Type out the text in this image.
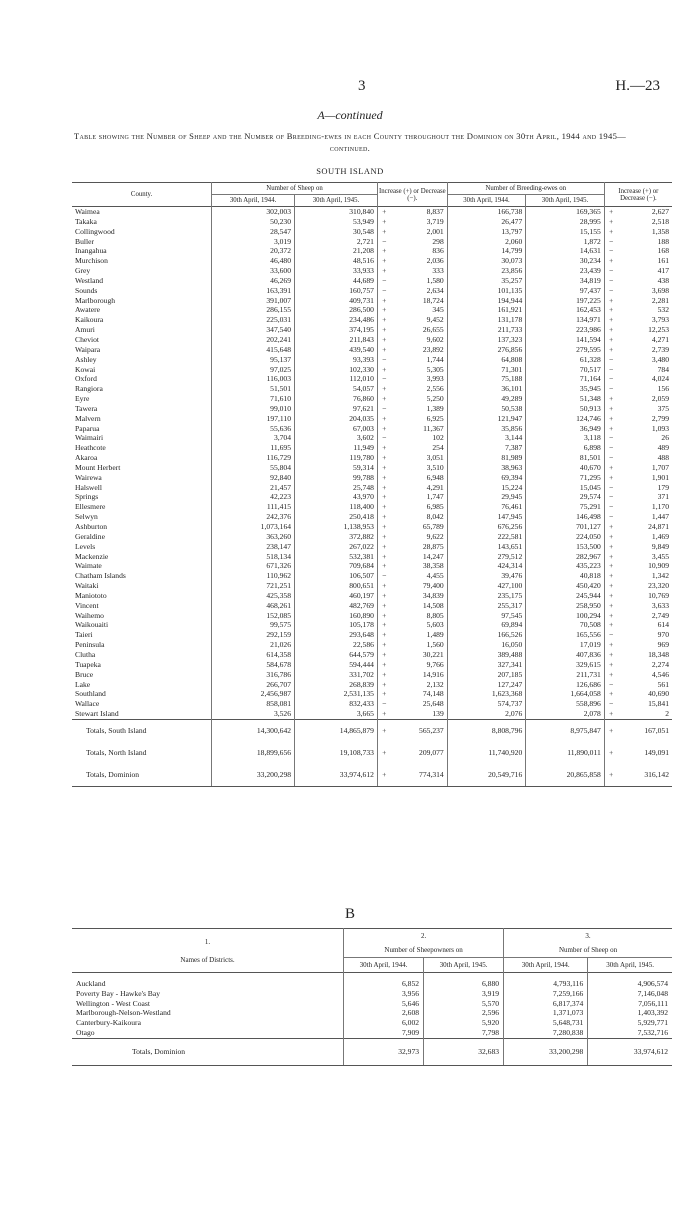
3	H.—23
A—continued
Table showing the Number of Sheep and the Number of Breeding-ewes in each County throughout the Dominion on 30th April, 1944 and 1945—continued.
SOUTH ISLAND
County.	Number of Sheep on		Increase (+) or Decrease (−).		Number of Breeding-ewes on		Increase (+) or Decrease (−).	
	30th April, 1944.	30th April, 1945.			30th April, 1944.	30th April, 1945.		
Waimea	302,003	310,840	+	8,837	166,738	169,365	+	2,627
Takaka	50,230	53,949	+	3,719	26,477	28,995	+	2,518
Collingwood	28,547	30,548	+	2,001	13,797	15,155	+	1,358
Buller	3,019	2,721	−	298	2,060	1,872	−	188
Inangahua	20,372	21,208	+	836	14,799	14,631	−	168
Murchison	46,480	48,516	+	2,036	30,073	30,234	+	161
Grey	33,600	33,933	+	333	23,856	23,439	−	417
Westland	46,269	44,689	−	1,580	35,257	34,819	−	438
Sounds	163,391	160,757	−	2,634	101,135	97,437	−	3,698
Marlborough	391,007	409,731	+	18,724	194,944	197,225	+	2,281
Awatere	286,155	286,500	+	345	161,921	162,453	+	532
Kaikoura	225,031	234,486	+	9,452	131,178	134,971	+	3,793
Amuri	347,540	374,195	+	26,655	211,733	223,986	+	12,253
Cheviot	202,241	211,843	+	9,602	137,323	141,594	+	4,271
Waipara	415,648	439,540	+	23,892	276,856	279,595	+	2,739
Ashley	95,137	93,393	−	1,744	64,808	61,328	−	3,480
Kowai	97,025	102,330	+	5,305	71,301	70,517	−	784
Oxford	116,003	112,010	−	3,993	75,188	71,164	−	4,024
Rangiora	51,501	54,057	+	2,556	36,101	35,945	−	156
Eyre	71,610	76,860	+	5,250	49,289	51,348	+	2,059
Tawera	99,010	97,621	−	1,389	50,538	50,913	+	375
Malvern	197,110	204,035	+	6,925	121,947	124,746	+	2,799
Paparua	55,636	67,003	+	11,367	35,856	36,949	+	1,093
Waimairi	3,704	3,602	−	102	3,144	3,118	−	26
Heathcote	11,695	11,949	+	254	7,387	6,898	−	489
Akaroa	116,729	119,780	+	3,051	81,989	81,501	−	488
Mount Herbert	55,804	59,314	+	3,510	38,963	40,670	+	1,707
Wairewa	92,840	99,788	+	6,948	69,394	71,295	+	1,901
Halswell	21,457	25,748	+	4,291	15,224	15,045	−	179
Springs	42,223	43,970	+	1,747	29,945	29,574	−	371
Ellesmere	111,415	118,400	+	6,985	76,461	75,291	−	1,170
Selwyn	242,376	250,418	+	8,042	147,945	146,498	−	1,447
Ashburton	1,073,164	1,138,953	+	65,789	676,256	701,127	+	24,871
Geraldine	363,260	372,882	+	9,622	222,581	224,050	+	1,469
Levels	238,147	267,022	+	28,875	143,651	153,500	+	9,849
Mackenzie	518,134	532,381	+	14,247	279,512	282,967	+	3,455
Waimate	671,326	709,684	+	38,358	424,314	435,223	+	10,909
Chatham Islands	110,962	106,507	−	4,455	39,476	40,818	+	1,342
Waitaki	721,251	800,651	+	79,400	427,100	450,420	+	23,320
Maniototo	425,358	460,197	+	34,839	235,175	245,944	+	10,769
Vincent	468,261	482,769	+	14,508	255,317	258,950	+	3,633
Waihemo	152,085	160,890	+	8,805	97,545	100,294	+	2,749
Waikouaiti	99,575	105,178	+	5,603	69,894	70,508	+	614
Taieri	292,159	293,648	+	1,489	166,526	165,556	−	970
Peninsula	21,026	22,586	+	1,560	16,050	17,019	+	969
Clutha	614,358	644,579	+	30,221	389,488	407,836	+	18,348
Tuapeka	584,678	594,444	+	9,766	327,341	329,615	+	2,274
Bruce	316,786	331,702	+	14,916	207,185	211,731	+	4,546
Lake	266,707	268,839	+	2,132	127,247	126,686	−	561
Southland	2,456,987	2,531,135	+	74,148	1,623,368	1,664,058	+	40,690
Wallace	858,081	832,433	−	25,648	574,737	558,896	−	15,841
Stewart Island	3,526	3,665	+	139	2,076	2,078	+	2
Totals, South Island	14,300,642	14,865,879	+	565,237	8,808,796	8,975,847	+	167,051
Totals, North Island	18,899,656	19,108,733	+	209,077	11,740,920	11,890,011	+	149,091
Totals, Dominion	33,200,298	33,974,612	+	774,314	20,549,716	20,865,858	+	316,142
B
1.
Names of Districts.	2.		3.	
	Number of Sheepowners on		Number of Sheep on	
	30th April, 1944.	30th April, 1945.	30th April, 1944.	30th April, 1945.
Auckland	6,852	6,880	4,793,116	4,906,574
Poverty Bay - Hawke's Bay	3,956	3,919	7,259,166	7,146,048
Wellington - West Coast	5,646	5,570	6,817,374	7,056,111
Marlborough-Nelson-Westland	2,608	2,596	1,371,073	1,403,392
Canterbury-Kaikoura	6,002	5,920	5,648,731	5,929,771
Otago	7,909	7,798	7,280,838	7,532,716
Totals, Dominion	32,973	32,683	33,200,298	33,974,612
